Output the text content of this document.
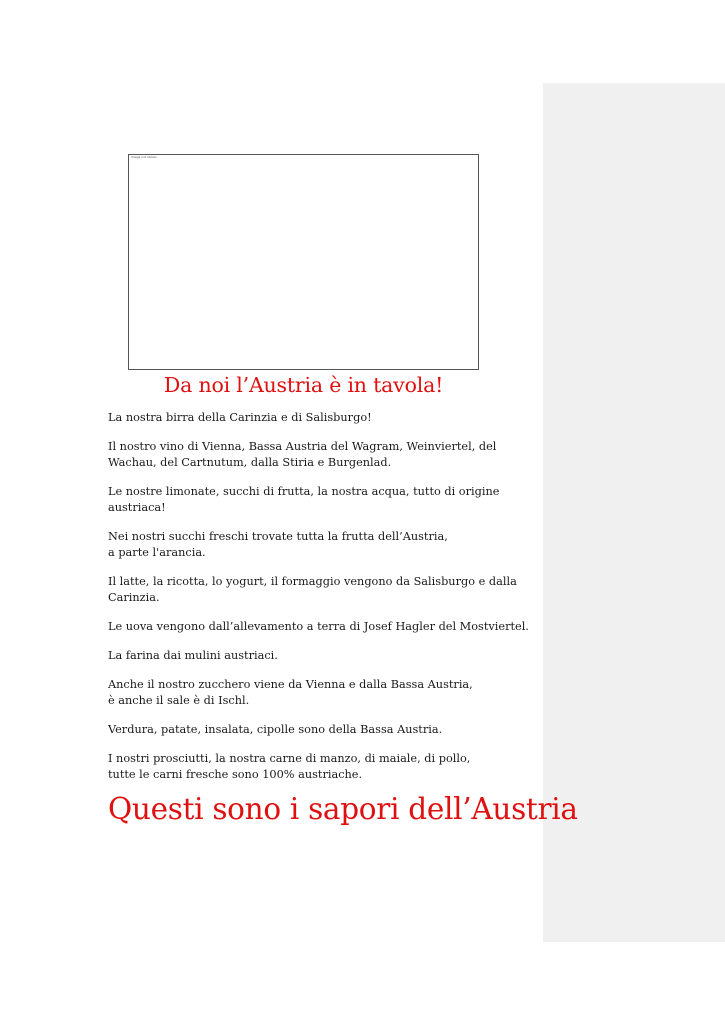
Image not shown
Da noi l’Austria è in tavola!

La nostra birra della Carinzia e di Salisburgo!

Il nostro vino di Vienna, Bassa Austria del Wagram, Weinviertel, del
Wachau, del Cartnutum, dalla Stiria e Burgenlad.

Le nostre limonate, succhi di frutta, la nostra acqua, tutto di origine
austriaca!

Nei nostri succhi freschi trovate tutta la frutta dell’Austria,
a parte l'arancia.

Il latte, la ricotta, lo yogurt, il formaggio vengono da Salisburgo e dalla
Carinzia.

Le uova vengono dall’allevamento a terra di Josef Hagler del Mostviertel.

La farina dai mulini austriaci.

Anche il nostro zucchero viene da Vienna e dalla Bassa Austria,
è anche il sale è di Ischl.

Verdura, patate, insalata, cipolle sono della Bassa Austria.

I nostri prosciutti, la nostra carne di manzo, di maiale, di pollo,
tutte le carni fresche sono 100% austriache.

Questi sono i sapori dell’Austria
